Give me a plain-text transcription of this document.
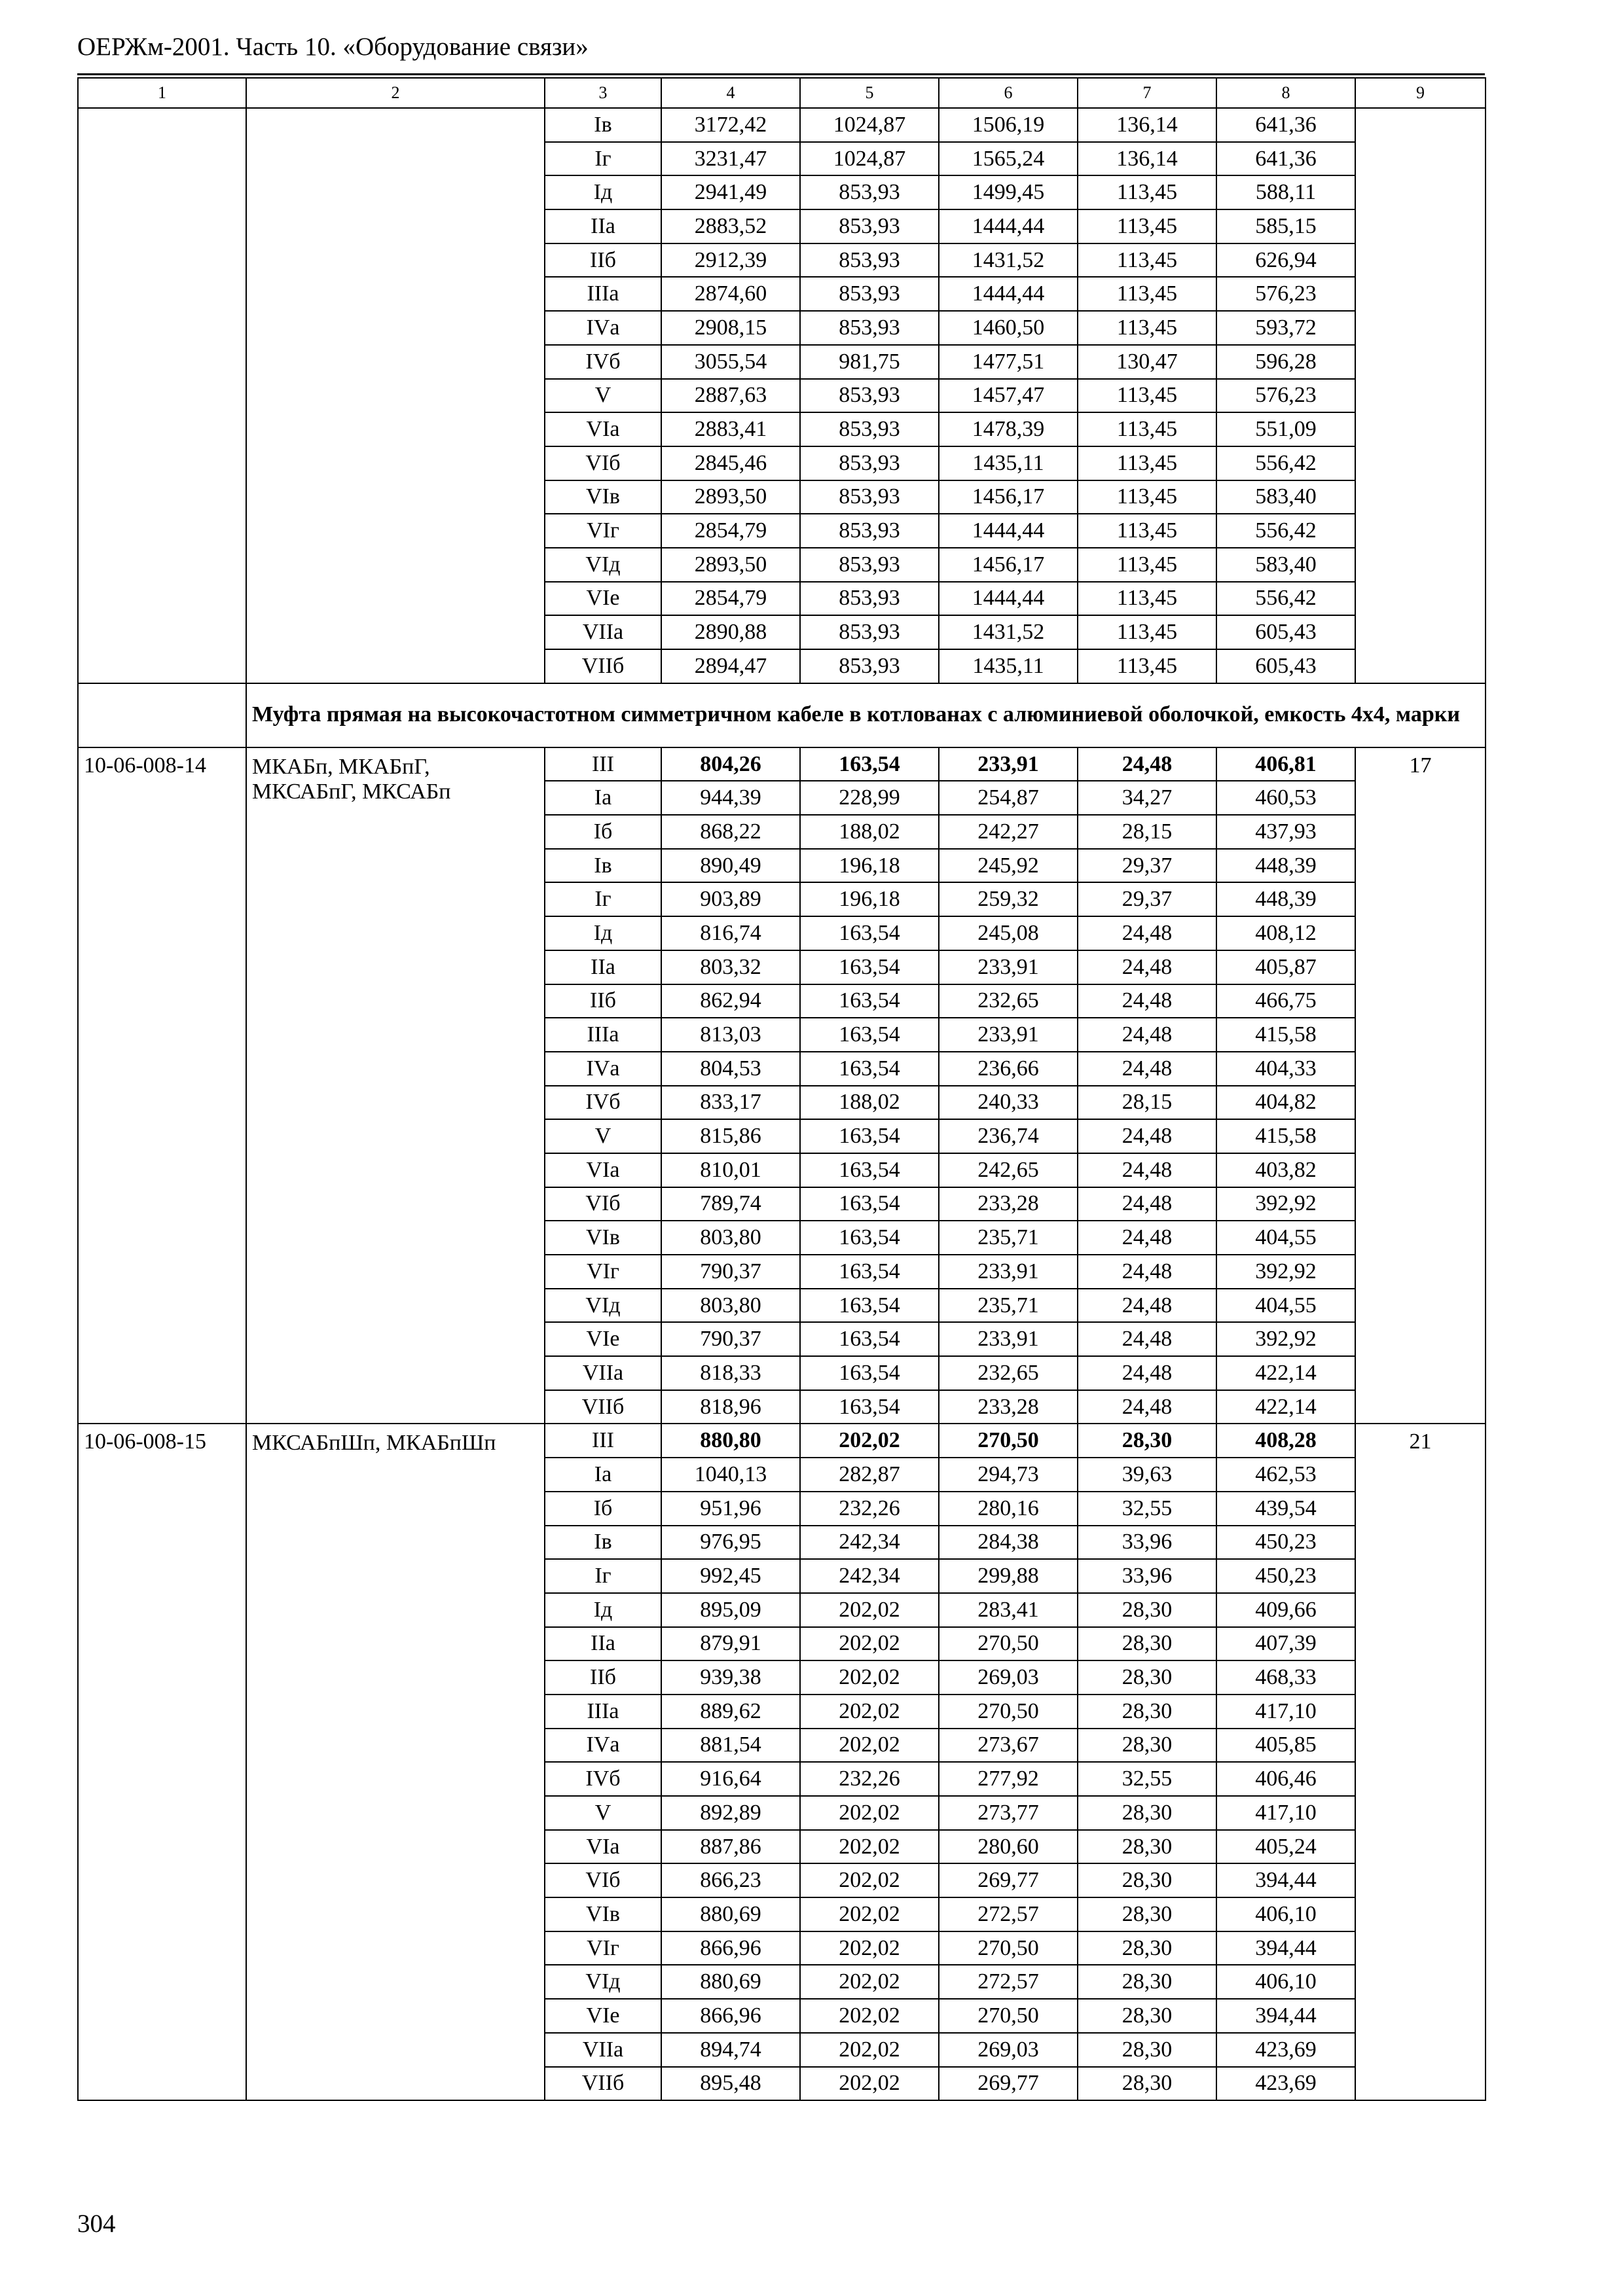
ОЕРЖм-2001. Часть 10. «Оборудование связи»
1	2	3	4	5	6	7	8	9
		Iв	3172,42	1024,87	1506,19	136,14	641,36	
		Iг	3231,47	1024,87	1565,24	136,14	641,36	
		Iд	2941,49	853,93	1499,45	113,45	588,11	
		IIа	2883,52	853,93	1444,44	113,45	585,15	
		IIб	2912,39	853,93	1431,52	113,45	626,94	
		IIIа	2874,60	853,93	1444,44	113,45	576,23	
		IVа	2908,15	853,93	1460,50	113,45	593,72	
		IVб	3055,54	981,75	1477,51	130,47	596,28	
		V	2887,63	853,93	1457,47	113,45	576,23	
		VIа	2883,41	853,93	1478,39	113,45	551,09	
		VIб	2845,46	853,93	1435,11	113,45	556,42	
		VIв	2893,50	853,93	1456,17	113,45	583,40	
		VIг	2854,79	853,93	1444,44	113,45	556,42	
		VIд	2893,50	853,93	1456,17	113,45	583,40	
		VIе	2854,79	853,93	1444,44	113,45	556,42	
		VIIа	2890,88	853,93	1431,52	113,45	605,43	
		VIIб	2894,47	853,93	1435,11	113,45	605,43	
	Муфта прямая на высокочастотном симметричном кабеле в котлованах с алюминиевой оболочкой, емкость 4х4, марки							
10-06-008-14	МКАБп, МКАБпГ, МКСАБпГ, МКСАБп	III	804,26	163,54	233,91	24,48	406,81	17
		Iа	944,39	228,99	254,87	34,27	460,53	
		Iб	868,22	188,02	242,27	28,15	437,93	
		Iв	890,49	196,18	245,92	29,37	448,39	
		Iг	903,89	196,18	259,32	29,37	448,39	
		Iд	816,74	163,54	245,08	24,48	408,12	
		IIа	803,32	163,54	233,91	24,48	405,87	
		IIб	862,94	163,54	232,65	24,48	466,75	
		IIIа	813,03	163,54	233,91	24,48	415,58	
		IVа	804,53	163,54	236,66	24,48	404,33	
		IVб	833,17	188,02	240,33	28,15	404,82	
		V	815,86	163,54	236,74	24,48	415,58	
		VIа	810,01	163,54	242,65	24,48	403,82	
		VIб	789,74	163,54	233,28	24,48	392,92	
		VIв	803,80	163,54	235,71	24,48	404,55	
		VIг	790,37	163,54	233,91	24,48	392,92	
		VIд	803,80	163,54	235,71	24,48	404,55	
		VIе	790,37	163,54	233,91	24,48	392,92	
		VIIа	818,33	163,54	232,65	24,48	422,14	
		VIIб	818,96	163,54	233,28	24,48	422,14	
10-06-008-15	МКСАБпШп, МКАБпШп	III	880,80	202,02	270,50	28,30	408,28	21
		Iа	1040,13	282,87	294,73	39,63	462,53	
		Iб	951,96	232,26	280,16	32,55	439,54	
		Iв	976,95	242,34	284,38	33,96	450,23	
		Iг	992,45	242,34	299,88	33,96	450,23	
		Iд	895,09	202,02	283,41	28,30	409,66	
		IIа	879,91	202,02	270,50	28,30	407,39	
		IIб	939,38	202,02	269,03	28,30	468,33	
		IIIа	889,62	202,02	270,50	28,30	417,10	
		IVа	881,54	202,02	273,67	28,30	405,85	
		IVб	916,64	232,26	277,92	32,55	406,46	
		V	892,89	202,02	273,77	28,30	417,10	
		VIа	887,86	202,02	280,60	28,30	405,24	
		VIб	866,23	202,02	269,77	28,30	394,44	
		VIв	880,69	202,02	272,57	28,30	406,10	
		VIг	866,96	202,02	270,50	28,30	394,44	
		VIд	880,69	202,02	272,57	28,30	406,10	
		VIе	866,96	202,02	270,50	28,30	394,44	
		VIIа	894,74	202,02	269,03	28,30	423,69	
		VIIб	895,48	202,02	269,77	28,30	423,69	
304
